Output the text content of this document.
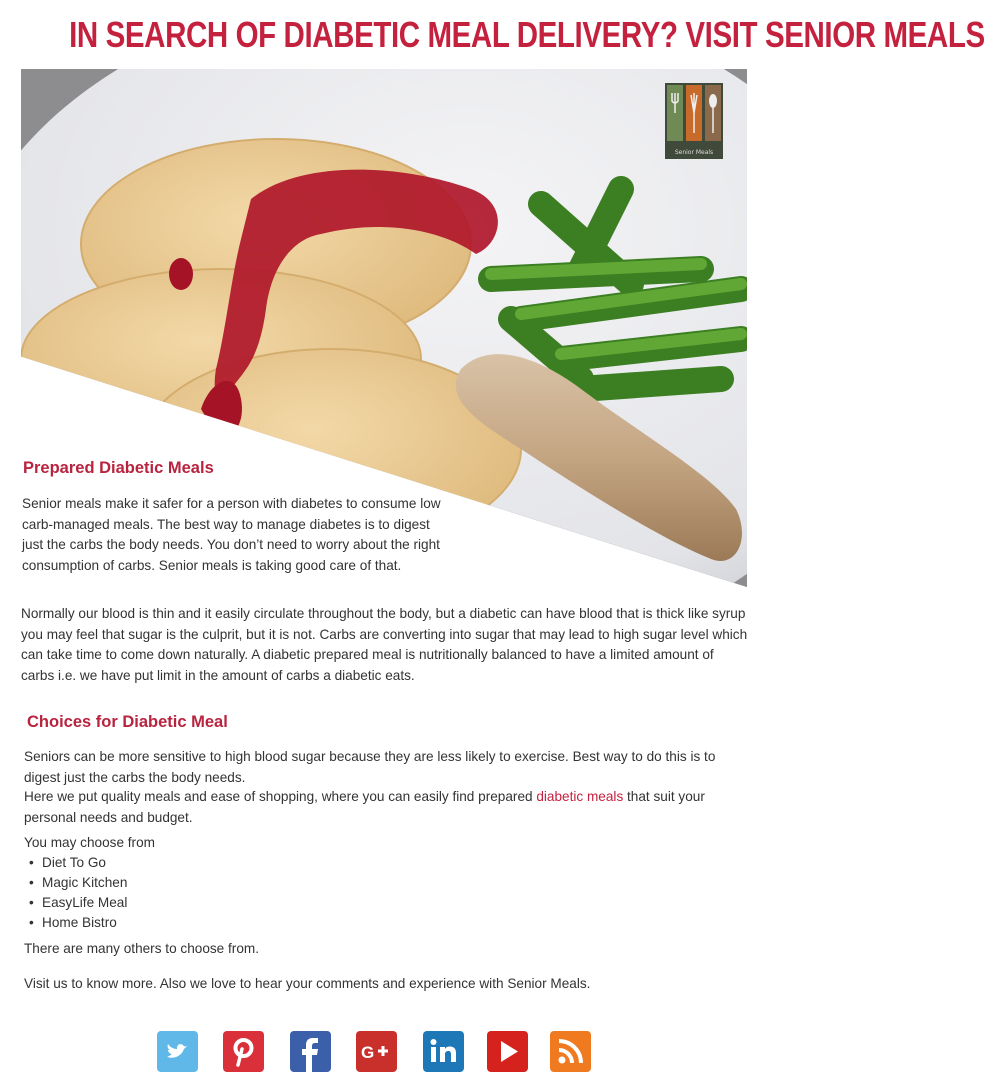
IN SEARCH OF DIABETIC MEAL DELIVERY? VISIT SENIOR MEALS
Senior Meals
Prepared Diabetic Meals
Senior meals make it safer for a person with diabetes to consume low carb-managed meals. The best way to manage diabetes is to digest just the carbs the body needs. You don’t need to worry about the right consumption of carbs. Senior meals is taking good care of that.
Normally our blood is thin and it easily circulate throughout the body, but a diabetic can have blood that is thick like syrup you may feel that sugar is the culprit, but it is not. Carbs are converting into sugar that may lead to high sugar level which can take time to come down naturally. A diabetic prepared meal is nutritionally balanced to have a limited amount of carbs i.e. we have put limit in the amount of carbs a diabetic eats.
Choices for Diabetic Meal
Seniors can be more sensitive to high blood sugar because they are less likely to exercise. Best way to do this is to digest just the carbs the body needs.
Here we put quality meals and ease of shopping, where you can easily find prepared diabetic meals that suit your personal needs and budget.
You may choose from
• Diet To Go
• Magic Kitchen
• EasyLife Meal
• Home Bistro
There are many others to choose from.
Visit us to know more. Also we love to hear your comments and experience with Senior Meals.
G
